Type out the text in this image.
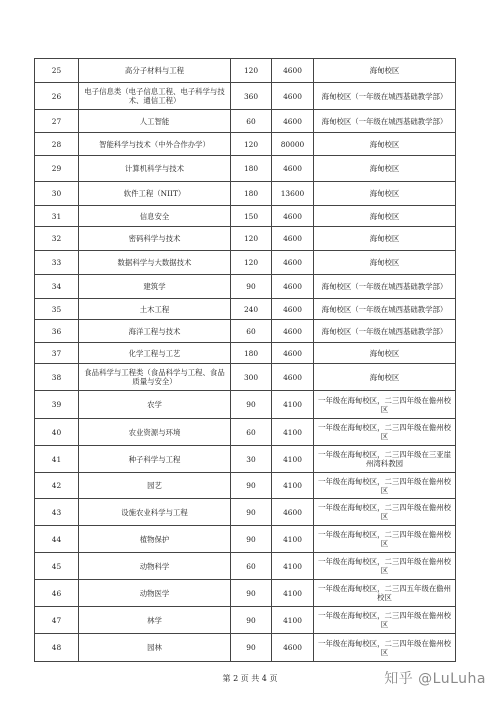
25	高分子材料与工程	120	4600	海甸校区
26	电子信息类（电子信息工程、电子科学与技术、通信工程）	360	4600	海甸校区（一年级在城西基础教学部）
27	人工智能	60	4600	海甸校区（一年级在城西基础教学部）
28	智能科学与技术（中外合作办学）	120	80000	海甸校区
29	计算机科学与技术	180	4600	海甸校区
30	软件工程（NIIT）	180	13600	海甸校区
31	信息安全	150	4600	海甸校区
32	密码科学与技术	120	4600	海甸校区
33	数据科学与大数据技术	120	4600	海甸校区
34	建筑学	90	4600	海甸校区（一年级在城西基础教学部）
35	土木工程	240	4600	海甸校区（一年级在城西基础教学部）
36	海洋工程与技术	60	4600	海甸校区（一年级在城西基础教学部）
37	化学工程与工艺	180	4600	海甸校区
38	食品科学与工程类（食品科学与工程、食品质量与安全）	300	4600	海甸校区
39	农学	90	4100	一年级在海甸校区，二三四年级在儋州校区
40	农业资源与环境	60	4100	一年级在海甸校区，二三四年级在儋州校区
41	种子科学与工程	30	4100	一年级在海甸校区，二三四年级在三亚崖州湾科教园
42	园艺	90	4100	一年级在海甸校区，二三四年级在儋州校区
43	设施农业科学与工程	90	4600	一年级在海甸校区，二三四年级在儋州校区
44	植物保护	90	4100	一年级在海甸校区，二三四年级在儋州校区
45	动物科学	60	4100	一年级在海甸校区，二三四年级在儋州校区
46	动物医学	90	4100	一年级在海甸校区，二三四五年级在儋州校区
47	林学	90	4100	一年级在海甸校区，二三四年级在儋州校区
48	园林	90	4600	一年级在海甸校区，二三四年级在儋州校区
第 2 页 共 4 页	知乎 @LuLuha
